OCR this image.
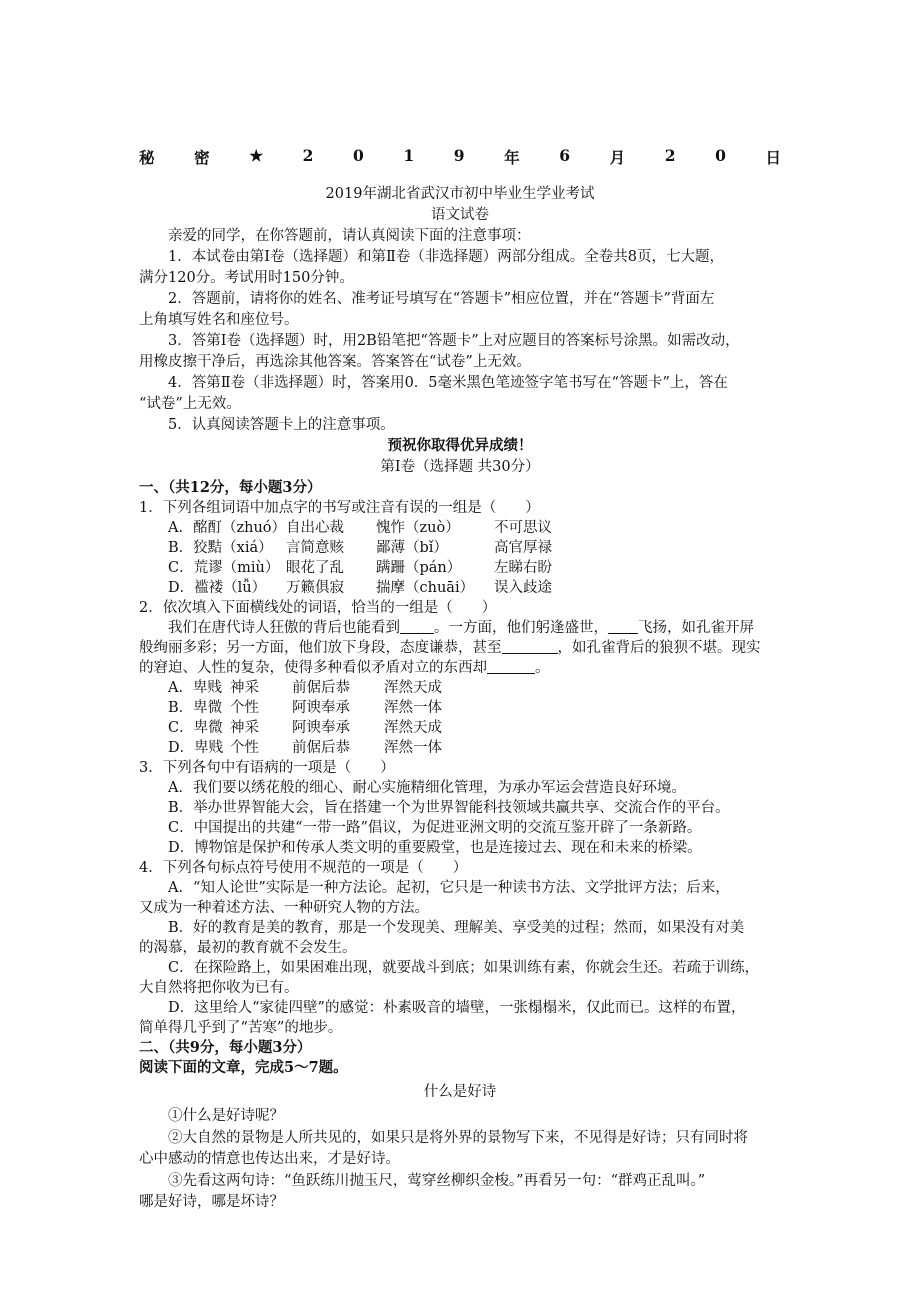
秘	密	★	2	0	1	9	年	6	月	2	0	日
2019年湖北省武汉市初中毕业生学业考试
语文试卷
亲爱的同学，在你答题前，请认真阅读下面的注意事项：
1．本试卷由第Ⅰ卷（选择题）和第Ⅱ卷（非选择题）两部分组成。全卷共8页，七大题，
满分120分。考试用时150分钟。
2．答题前，请将你的姓名、准考证号填写在“答题卡”相应位置，并在“答题卡”背面左
上角填写姓名和座位号。
3．答第Ⅰ卷（选择题）时，用2B铅笔把“答题卡”上对应题目的答案标号涂黑。如需改动，
用橡皮擦干净后，再选涂其他答案。答案答在“试卷”上无效。
4．答第Ⅱ卷（非选择题）时，答案用0．5毫米黑色笔迹签字笔书写在“答题卡”上，答在
“试卷”上无效。
5．认真阅读答题卡上的注意事项。
预祝你取得优异成绩！
第Ⅰ卷（选择题 共30分）
一、（共12分，每小题3分）
1．下列各组词语中加点字的书写或注音有误的一组是（　　）
A．酩酊（zhuó）自出心裁 愧怍（zuò） 不可思议
B．狡黠（xiá） 言简意赅 鄙薄（bǐ）	高官厚禄
C．荒谬（miù） 眼花了乱 蹒跚（pán） 左睇右盼
D．褴褛（lǚ） 万籁俱寂 揣摩（chuāi） 误入歧途
2．依次填入下面横线处的词语，恰当的一组是（　　）
我们在唐代诗人狂傲的背后也能看到 。一方面，他们躬逢盛世， 飞扬，如孔雀开屏
般绚丽多彩；另一方面，他们放下身段，态度谦恭，甚至	，如孔雀背后的狼狈不堪。现实
的窘迫、人性的复杂，使得多种看似矛盾对立的东西却	。
A．卑贱 神采 前倨后恭 浑然天成
B．卑微 个性 阿谀奉承 浑然一体
C．卑微 神采 阿谀奉承 浑然天成
D．卑贱 个性 前倨后恭 浑然一体
3．下列各句中有语病的一项是（　　）
A．我们要以绣花般的细心、耐心实施精细化管理，为承办军运会营造良好环境。
B．举办世界智能大会，旨在搭建一个为世界智能科技领域共赢共享、交流合作的平台。
C．中国提出的共建“一带一路”倡议，为促进亚洲文明的交流互鉴开辟了一条新路。
D．博物馆是保护和传承人类文明的重要殿堂，也是连接过去、现在和未来的桥梁。
4．下列各句标点符号使用不规范的一项是（　　）
A．“知人论世”实际是一种方法论。起初，它只是一种读书方法、文学批评方法；后来，
又成为一种着述方法、一种研究人物的方法。
B．好的教育是美的教育，那是一个发现美、理解美、享受美的过程；然而，如果没有对美
的渴慕，最初的教育就不会发生。
C．在探险路上，如果困难出现，就要战斗到底；如果训练有素，你就会生还。若疏于训练，
大自然将把你收为已有。
D．这里给人“家徒四壁”的感觉：朴素吸音的墙壁，一张榻榻米，仅此而已。这样的布置，
简单得几乎到了“苦寒”的地步。
二、（共9分，每小题3分）
阅读下面的文章，完成5～7题。
什么是好诗
①什么是好诗呢？
②大自然的景物是人所共见的，如果只是将外界的景物写下来，不见得是好诗；只有同时将
心中感动的情意也传达出来，才是好诗。
③先看这两句诗：“鱼跃练川抛玉尺，莺穿丝柳织金梭。”再看另一句：“群鸡正乱叫。”
哪是好诗，哪是坏诗？
